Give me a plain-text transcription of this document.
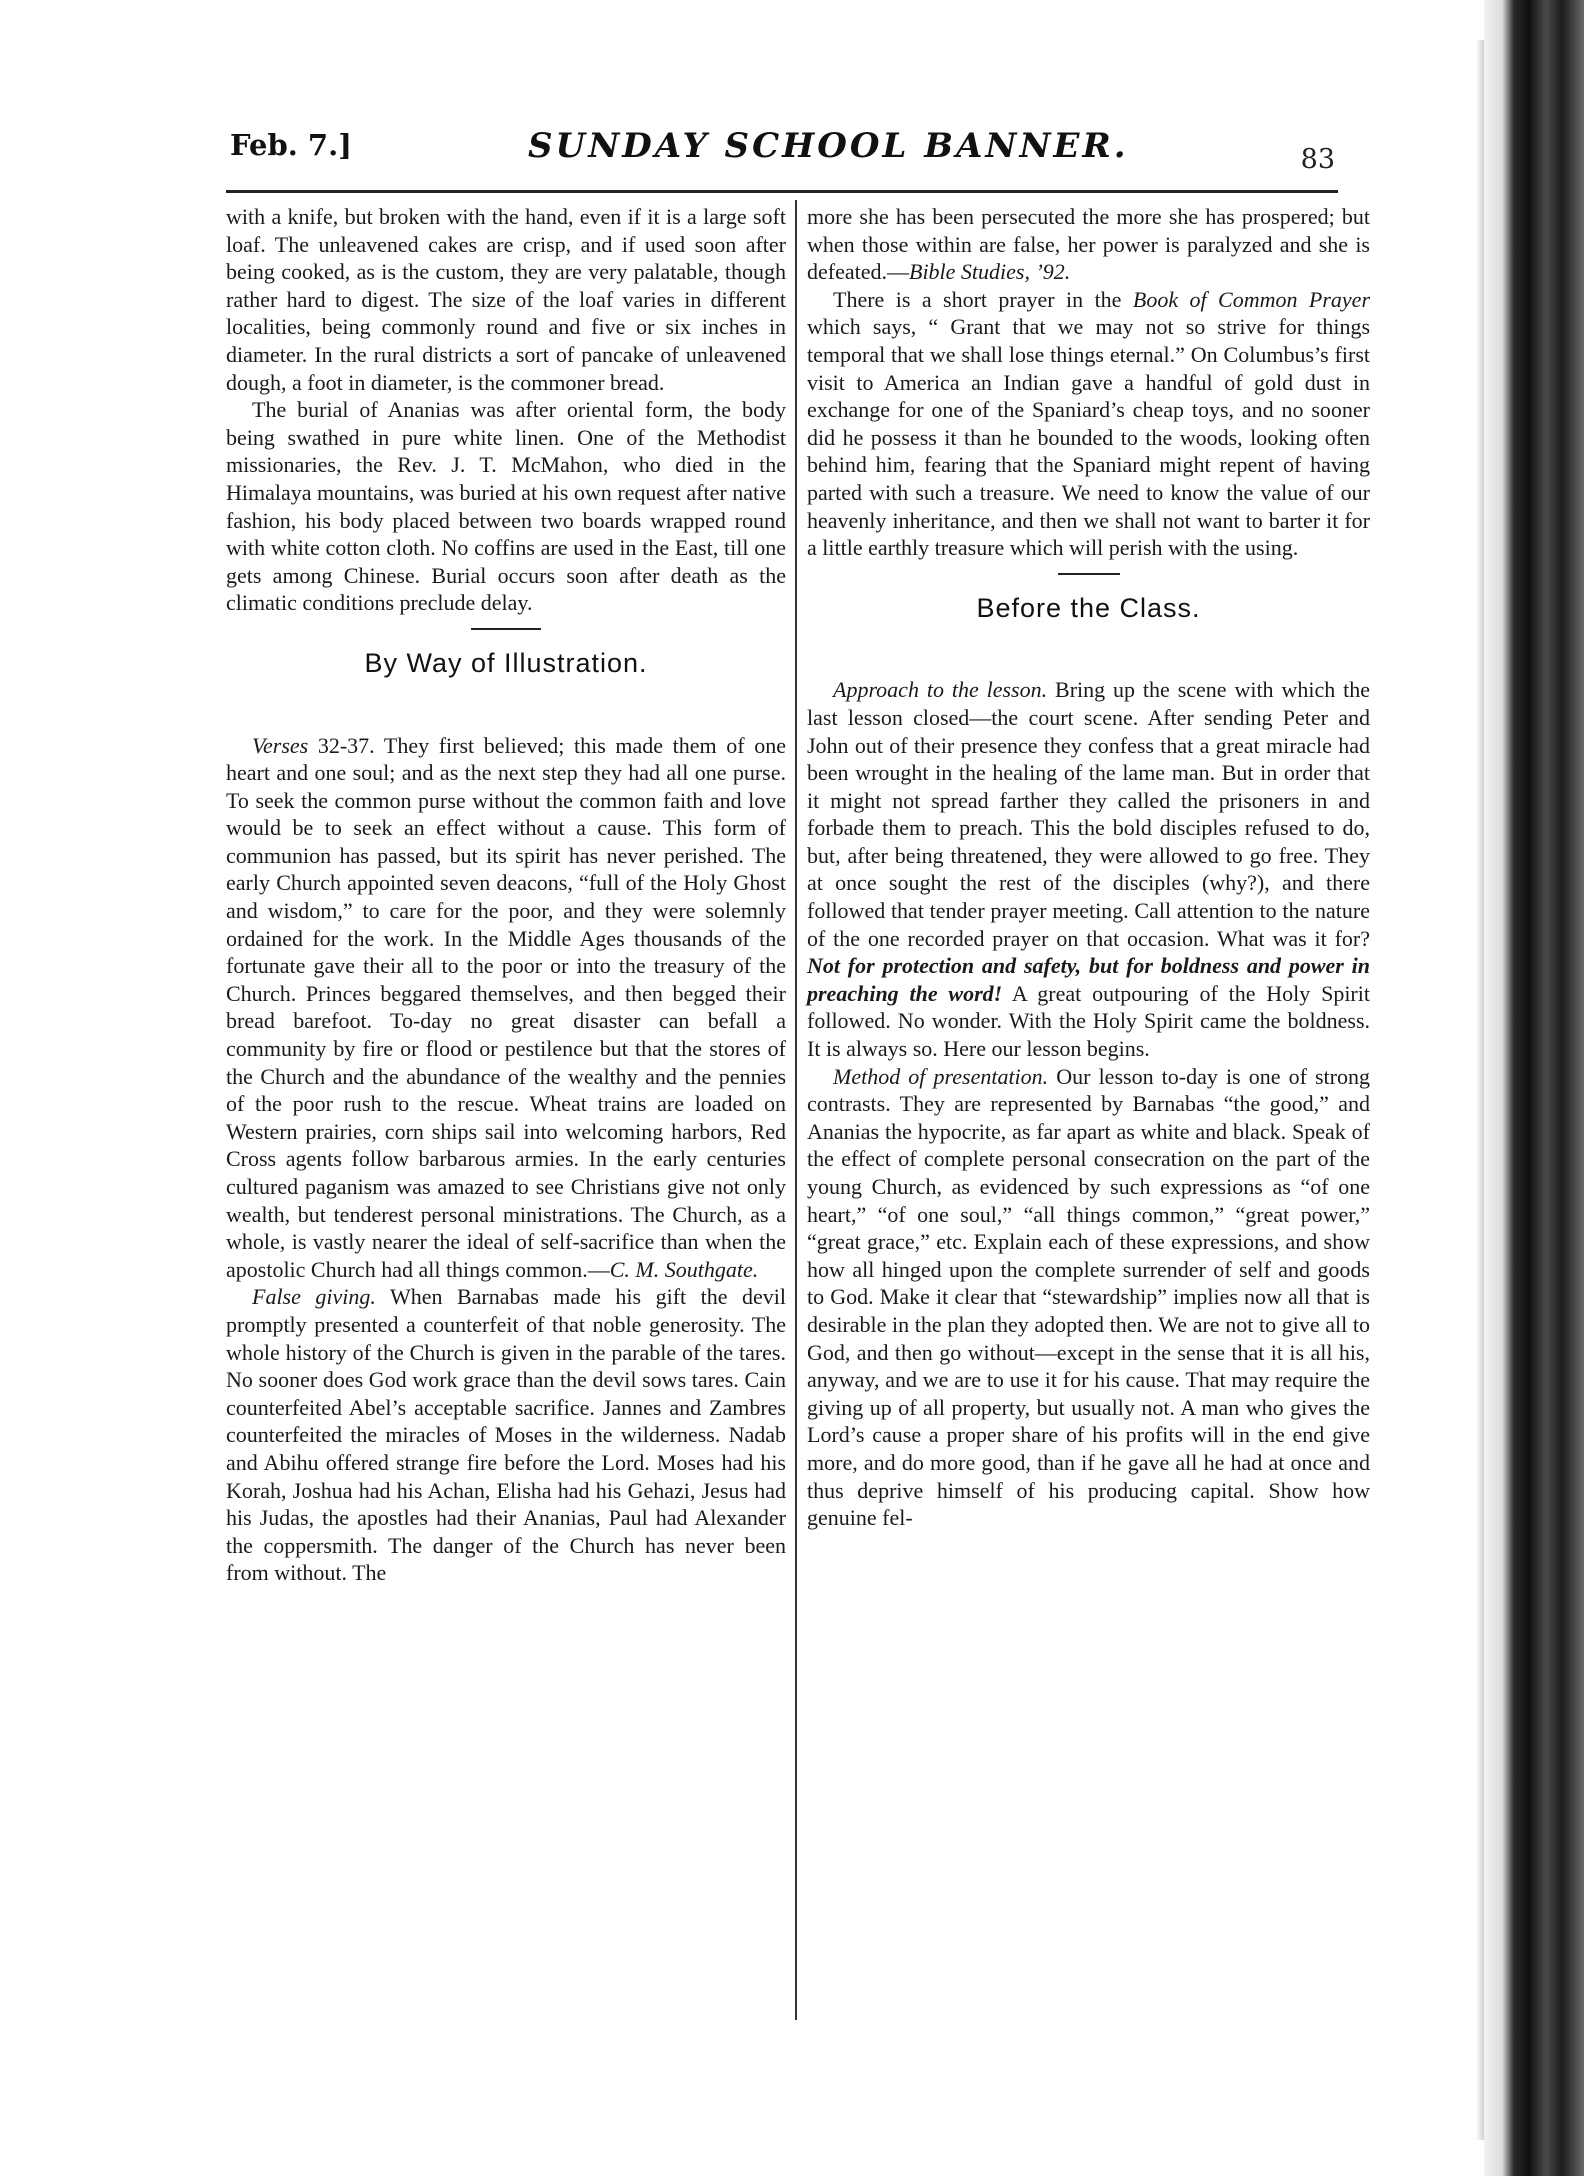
Feb. 7.]	SUNDAY SCHOOL BANNER.	83

with a knife, but broken with the hand, even if it is a large soft loaf. The unleavened cakes are crisp, and if used soon after being cooked, as is the custom, they are very palatable, though rather hard to digest. The size of the loaf varies in different localities, being commonly round and five or six inches in diameter. In the rural districts a sort of pancake of unleavened dough, a foot in diameter, is the commoner bread.

The burial of Ananias was after oriental form, the body being swathed in pure white linen. One of the Methodist missionaries, the Rev. J. T. McMahon, who died in the Himalaya mountains, was buried at his own request after native fashion, his body placed between two boards wrapped round with white cotton cloth. No coffins are used in the East, till one gets among Chinese. Burial occurs soon after death as the climatic conditions preclude delay.

By Way of Illustration.

Verses 32-37. They first believed; this made them of one heart and one soul; and as the next step they had all one purse. To seek the common purse without the common faith and love would be to seek an effect without a cause. This form of communion has passed, but its spirit has never perished. The early Church appointed seven deacons, “full of the Holy Ghost and wisdom,” to care for the poor, and they were solemnly ordained for the work. In the Middle Ages thousands of the fortunate gave their all to the poor or into the treasury of the Church. Princes beggared themselves, and then begged their bread barefoot. To-day no great disaster can befall a community by fire or flood or pestilence but that the stores of the Church and the abundance of the wealthy and the pennies of the poor rush to the rescue. Wheat trains are loaded on Western prairies, corn ships sail into welcoming harbors, Red Cross agents follow barbarous armies. In the early centuries cultured paganism was amazed to see Christians give not only wealth, but tenderest personal ministrations. The Church, as a whole, is vastly nearer the ideal of self-sacrifice than when the apostolic Church had all things common.—C. M. Southgate.

False giving. When Barnabas made his gift the devil promptly presented a counterfeit of that noble generosity. The whole history of the Church is given in the parable of the tares. No sooner does God work grace than the devil sows tares. Cain counterfeited Abel’s acceptable sacrifice. Jannes and Zambres counterfeited the miracles of Moses in the wilderness. Nadab and Abihu offered strange fire before the Lord. Moses had his Korah, Joshua had his Achan, Elisha had his Gehazi, Jesus had his Judas, the apostles had their Ananias, Paul had Alexander the coppersmith. The danger of the Church has never been from without. The

more she has been persecuted the more she has prospered; but when those within are false, her power is paralyzed and she is defeated.—Bible Studies, ’92.

There is a short prayer in the Book of Common Prayer which says, “ Grant that we may not so strive for things temporal that we shall lose things eternal.” On Columbus’s first visit to America an Indian gave a handful of gold dust in exchange for one of the Spaniard’s cheap toys, and no sooner did he possess it than he bounded to the woods, looking often behind him, fearing that the Spaniard might repent of having parted with such a treasure. We need to know the value of our heavenly inheritance, and then we shall not want to barter it for a little earthly treasure which will perish with the using.

Before the Class.

Approach to the lesson. Bring up the scene with which the last lesson closed—the court scene. After sending Peter and John out of their presence they confess that a great miracle had been wrought in the healing of the lame man. But in order that it might not spread farther they called the prisoners in and forbade them to preach. This the bold disciples refused to do, but, after being threatened, they were allowed to go free. They at once sought the rest of the disciples (why?), and there followed that tender prayer meeting. Call attention to the nature of the one recorded prayer on that occasion. What was it for? Not for protection and safety, but for boldness and power in preaching the word! A great outpouring of the Holy Spirit followed. No wonder. With the Holy Spirit came the boldness. It is always so. Here our lesson begins.

Method of presentation. Our lesson to-day is one of strong contrasts. They are represented by Barnabas “the good,” and Ananias the hypocrite, as far apart as white and black. Speak of the effect of complete personal consecration on the part of the young Church, as evidenced by such expressions as “of one heart,” “of one soul,” “all things common,” “great power,” “great grace,” etc. Explain each of these expressions, and show how all hinged upon the complete surrender of self and goods to God. Make it clear that “stewardship” implies now all that is desirable in the plan they adopted then. We are not to give all to God, and then go without—except in the sense that it is all his, anyway, and we are to use it for his cause. That may require the giving up of all property, but usually not. A man who gives the Lord’s cause a proper share of his profits will in the end give more, and do more good, than if he gave all he had at once and thus deprive himself of his producing capital. Show how genuine fel-
